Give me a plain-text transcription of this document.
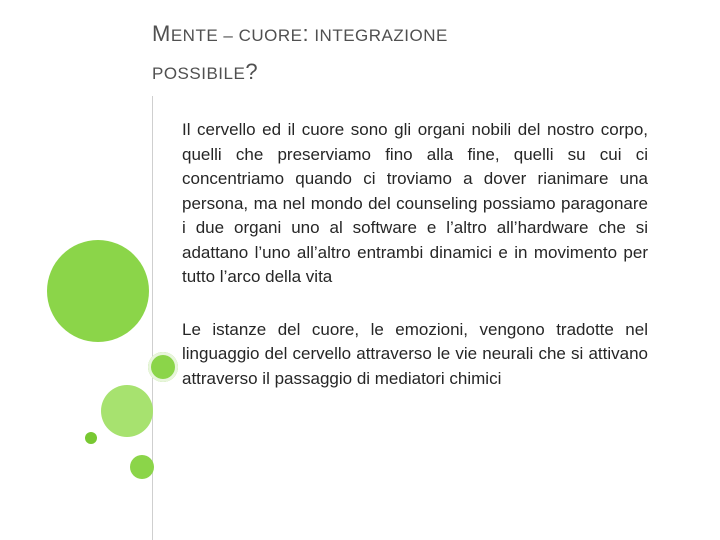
MENTE – CUORE: INTEGRAZIONE
POSSIBILE?

Il cervello ed il cuore sono gli organi nobili del nostro corpo, quelli che preserviamo fino alla fine, quelli su cui ci concentriamo quando ci troviamo a dover rianimare una persona, ma nel mondo del counseling possiamo paragonare i due organi uno al software e l’altro all’hardware che si adattano l’uno all’altro entrambi dinamici e in movimento per tutto l’arco della vita

Le istanze del cuore, le emozioni, vengono tradotte nel linguaggio del cervello attraverso le vie neurali che si attivano attraverso il passaggio di mediatori chimici
